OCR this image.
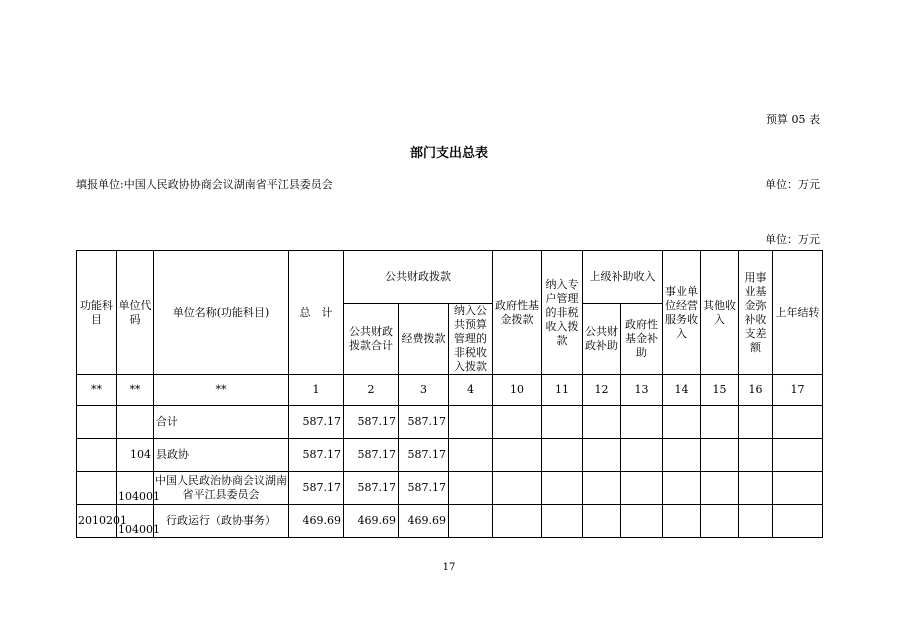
预算 05 表
部门支出总表
填报单位:中国人民政协协商会议湖南省平江县委员会	单位：万元
单位：万元
功能科目	单位代码	单位名称(功能科目)	总　计	公共财政拨款			政府性基金拨款	纳入专户管理的非税收入拨款	上级补助收入		事业单位经营服务收入	其他收入	用事业基金弥补收支差额	上年结转
				公共财政拨款合计	经费拨款	纳入公共预算管理的非税收入拨款			公共财政补助	政府性基金补助				
**	**	**	1	2	3	4	10	11	12	13	14	15	16	17
		合计	587.17	587.17	587.17									
	104	县政协	587.17	587.17	587.17									
	104001	中国人民政治协商会议湖南省平江县委员会	587.17	587.17	587.17									
2010201	104001	行政运行（政协事务）	469.69	469.69	469.69									
17
